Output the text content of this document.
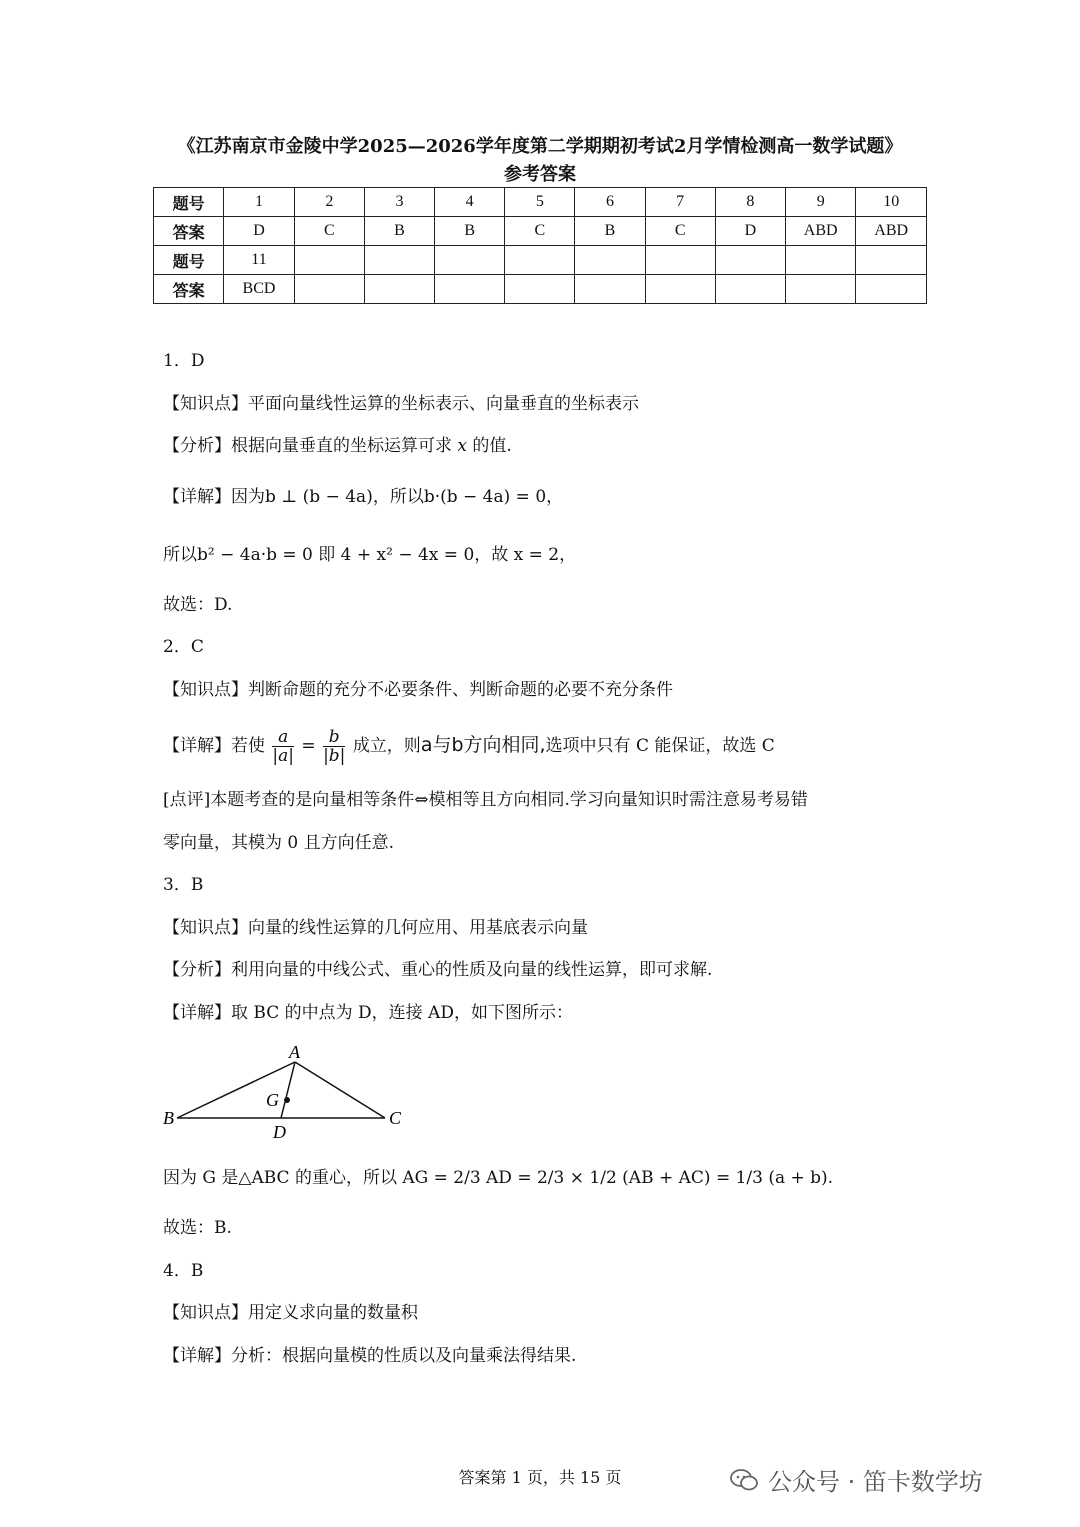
《江苏南京市金陵中学2025—2026学年度第二学期期初考试2月学情检测高一数学试题》
参考答案
题号	1	2	3	4	5	6	7	8	9	10
答案	D	C	B	B	C	B	C	D	ABD	ABD
题号	11									
答案	BCD									
1．D
【知识点】平面向量线性运算的坐标表示、向量垂直的坐标表示
【分析】根据向量垂直的坐标运算可求 x 的值.
【详解】因为b ⊥ (b − 4a)，所以b·(b − 4a) = 0，
所以b² − 4a·b = 0 即 4 + x² − 4x = 0，故 x = 2，
故选：D.
2．C
【知识点】判断命题的充分不必要条件、判断命题的必要不充分条件
【详解】若使 $\frac{a}{|a|} = \frac{b}{|b|}$ 成立，则a与b方向相同,选项中只有 C 能保证，故选 C
[点评]本题考查的是向量相等条件⇔模相等且方向相同.学习向量知识时需注意易考易错
零向量，其模为 0 且方向任意.
3．B
【知识点】向量的线性运算的几何应用、用基底表示向量
【分析】利用向量的中线公式、重心的性质及向量的线性运算，即可求解.
【详解】取 BC 的中点为 D，连接 AD，如下图所示：
A
B	C
D
G
因为 G 是△ABC 的重心，所以 AG = 2/3 AD = 2/3 × 1/2 (AB + AC) = 1/3 (a + b).
故选：B.
4．B
【知识点】用定义求向量的数量积
【详解】分析：根据向量模的性质以及向量乘法得结果.
答案第 1 页，共 15 页	公众号 · 笛卡数学坊
